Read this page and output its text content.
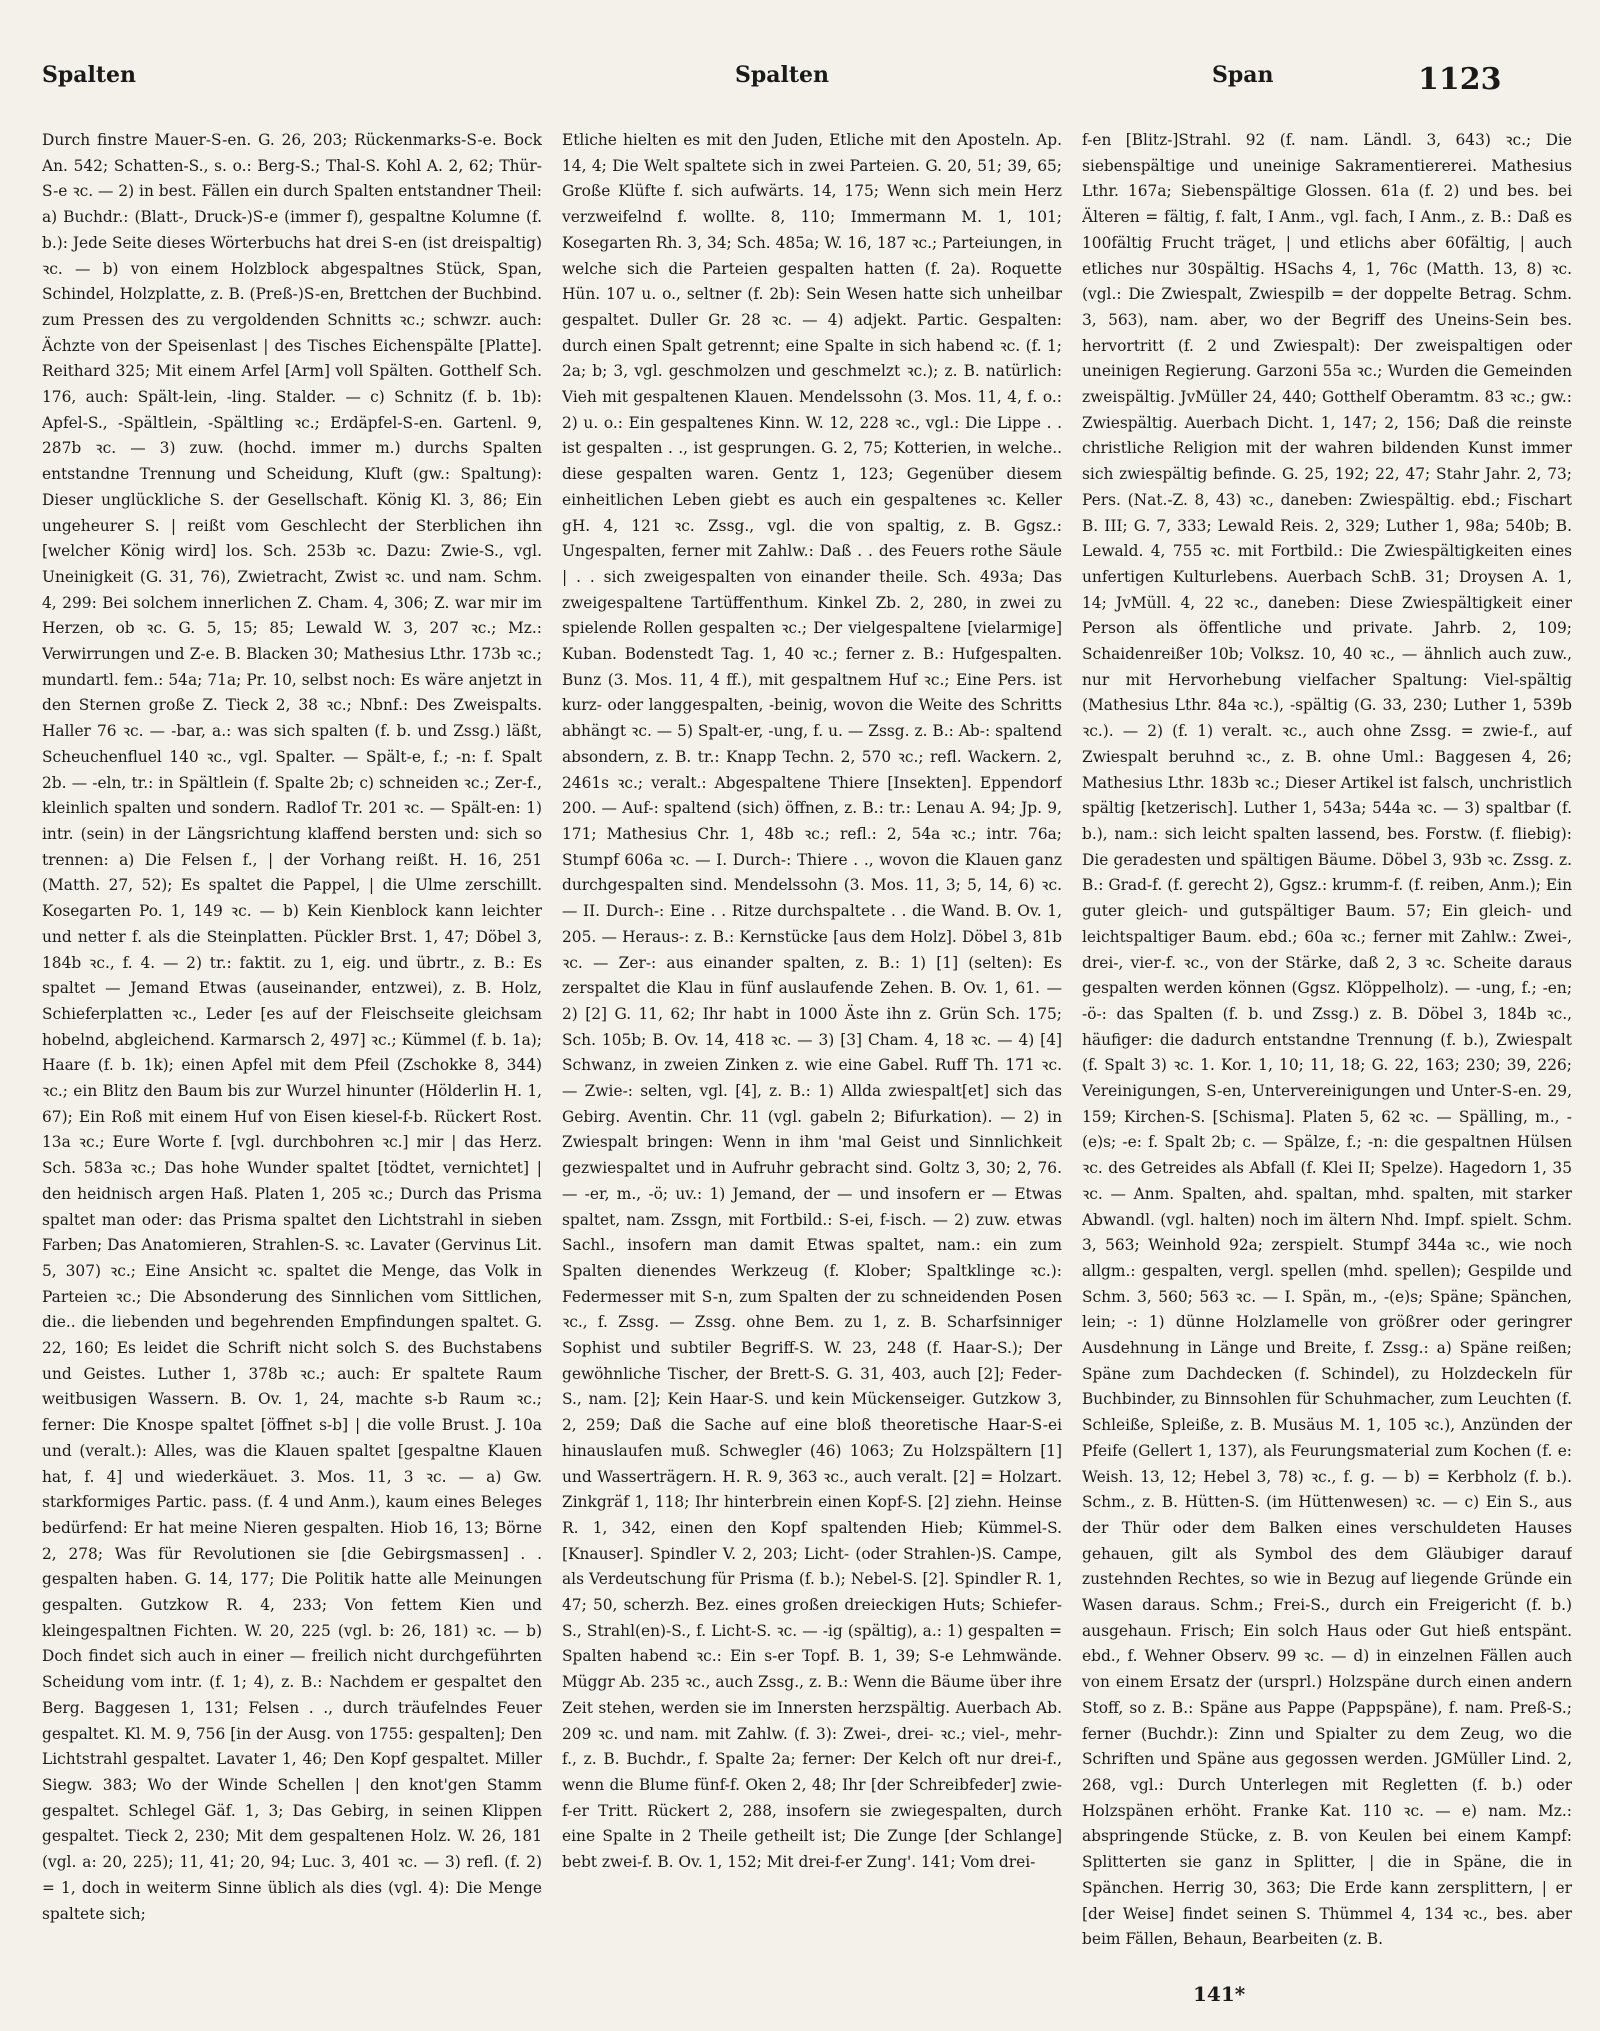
Spalten	Spalten	Span	1123

Durch finstre Mauer-S-en. G. 26, 203; Rückenmarks-S-e. Bock An. 542; Schatten-S., s. o.: Berg-S.; Thal-S. Kohl A. 2, 62; Thür-S-e ꝛc. — 2) in best. Fällen ein durch Spalten entstandner Theil: a) Buchdr.: (Blatt-, Druck-)S-e (immer f), gespaltne Kolumne (f. b.): Jede Seite dieses Wörterbuchs hat drei S-en (ist dreispaltig) ꝛc. — b) von einem Holzblock abgespaltnes Stück, Span, Schindel, Holzplatte, z. B. (Preß-)S-en, Brettchen der Buchbind. zum Pressen des zu vergoldenden Schnitts ꝛc.; schwzr. auch: Ächzte von der Speisenlast | des Tisches Eichenspälte [Platte]. Reithard 325; Mit einem Arfel [Arm] voll Spälten. Gotthelf Sch. 176, auch: Spält-lein, -ling. Stalder. — c) Schnitz (f. b. 1b): Apfel-S., -Spältlein, -Spältling ꝛc.; Erdäpfel-S-en. Gartenl. 9, 287b ꝛc. — 3) zuw. (hochd. immer m.) durchs Spalten entstandne Trennung und Scheidung, Kluft (gw.: Spaltung): Dieser unglückliche S. der Gesellschaft. König Kl. 3, 86; Ein ungeheurer S. | reißt vom Geschlecht der Sterblichen ihn [welcher König wird] los. Sch. 253b ꝛc. Dazu: Zwie-S., vgl. Uneinigkeit (G. 31, 76), Zwietracht, Zwist ꝛc. und nam. Schm. 4, 299: Bei solchem innerlichen Z. Cham. 4, 306; Z. war mir im Herzen, ob ꝛc. G. 5, 15; 85; Lewald W. 3, 207 ꝛc.; Mz.: Verwirrungen und Z-e. B. Blacken 30; Mathesius Lthr. 173b ꝛc.; mundartl. fem.: 54a; 71a; Pr. 10, selbst noch: Es wäre anjetzt in den Sternen große Z. Tieck 2, 38 ꝛc.; Nbnf.: Des Zweispalts. Haller 76 ꝛc. — -bar, a.: was sich spalten (f. b. und Zssg.) läßt, Scheuchenfluel 140 ꝛc., vgl. Spalter. — Spält-e, f.; -n: f. Spalt 2b. — -eln, tr.: in Spältlein (f. Spalte 2b; c) schneiden ꝛc.; Zer-f., kleinlich spalten und sondern. Radlof Tr. 201 ꝛc. — Spält-en: 1) intr. (sein) in der Längsrichtung klaffend bersten und: sich so trennen: a) Die Felsen f., | der Vorhang reißt. H. 16, 251 (Matth. 27, 52); Es spaltet die Pappel, | die Ulme zerschillt. Kosegarten Po. 1, 149 ꝛc. — b) Kein Kienblock kann leichter und netter f. als die Steinplatten. Pückler Brst. 1, 47; Döbel 3, 184b ꝛc., f. 4. — 2) tr.: faktit. zu 1, eig. und übrtr., z. B.: Es spaltet — Jemand Etwas (auseinander, entzwei), z. B. Holz, Schieferplatten ꝛc., Leder [es auf der Fleischseite gleichsam hobelnd, abgleichend. Karmarsch 2, 497] ꝛc.; Kümmel (f. b. 1a); Haare (f. b. 1k); einen Apfel mit dem Pfeil (Zschokke 8, 344) ꝛc.; ein Blitz den Baum bis zur Wurzel hinunter (Hölderlin H. 1, 67); Ein Roß mit einem Huf von Eisen kiesel-f-b. Rückert Rost. 13a ꝛc.; Eure Worte f. [vgl. durchbohren ꝛc.] mir | das Herz. Sch. 583a ꝛc.; Das hohe Wunder spaltet [tödtet, vernichtet] | den heidnisch argen Haß. Platen 1, 205 ꝛc.; Durch das Prisma spaltet man oder: das Prisma spaltet den Lichtstrahl in sieben Farben; Das Anatomieren, Strahlen-S. ꝛc. Lavater (Gervinus Lit. 5, 307) ꝛc.; Eine Ansicht ꝛc. spaltet die Menge, das Volk in Parteien ꝛc.; Die Absonderung des Sinnlichen vom Sittlichen, die.. die liebenden und begehrenden Empfindungen spaltet. G. 22, 160; Es leidet die Schrift nicht solch S. des Buchstabens und Geistes. Luther 1, 378b ꝛc.; auch: Er spaltete Raum weitbusigen Wassern. B. Ov. 1, 24, machte s-b Raum ꝛc.; ferner: Die Knospe spaltet [öffnet s-b] | die volle Brust. J. 10a und (veralt.): Alles, was die Klauen spaltet [gespaltne Klauen hat, f. 4] und wiederkäuet. 3. Mos. 11, 3 ꝛc. — a) Gw. starkformiges Partic. pass. (f. 4 und Anm.), kaum eines Beleges bedürfend: Er hat meine Nieren gespalten. Hiob 16, 13; Börne 2, 278; Was für Revolutionen sie [die Gebirgsmassen] . . gespalten haben. G. 14, 177; Die Politik hatte alle Meinungen gespalten. Gutzkow R. 4, 233; Von fettem Kien und kleingespaltnen Fichten. W. 20, 225 (vgl. b: 26, 181) ꝛc. — b) Doch findet sich auch in einer — freilich nicht durchgeführten Scheidung vom intr. (f. 1; 4), z. B.: Nachdem er gespaltet den Berg. Baggesen 1, 131; Felsen . ., durch träufelndes Feuer gespaltet. Kl. M. 9, 756 [in der Ausg. von 1755: gespalten]; Den Lichtstrahl gespaltet. Lavater 1, 46; Den Kopf gespaltet. Miller Siegw. 383; Wo der Winde Schellen | den knot'gen Stamm gespaltet. Schlegel Gäf. 1, 3; Das Gebirg, in seinen Klippen gespaltet. Tieck 2, 230; Mit dem gespaltenen Holz. W. 26, 181 (vgl. a: 20, 225); 11, 41; 20, 94; Luc. 3, 401 ꝛc. — 3) refl. (f. 2) = 1, doch in weiterm Sinne üblich als dies (vgl. 4): Die Menge spaltete sich;

Etliche hielten es mit den Juden, Etliche mit den Aposteln. Ap. 14, 4; Die Welt spaltete sich in zwei Parteien. G. 20, 51; 39, 65; Große Klüfte f. sich aufwärts. 14, 175; Wenn sich mein Herz verzweifelnd f. wollte. 8, 110; Immermann M. 1, 101; Kosegarten Rh. 3, 34; Sch. 485a; W. 16, 187 ꝛc.; Parteiungen, in welche sich die Parteien gespalten hatten (f. 2a). Roquette Hün. 107 u. o., seltner (f. 2b): Sein Wesen hatte sich unheilbar gespaltet. Duller Gr. 28 ꝛc. — 4) adjekt. Partic. Gespalten: durch einen Spalt getrennt; eine Spalte in sich habend ꝛc. (f. 1; 2a; b; 3, vgl. geschmolzen und geschmelzt ꝛc.); z. B. natürlich: Vieh mit gespaltenen Klauen. Mendelssohn (3. Mos. 11, 4, f. o.: 2) u. o.: Ein gespaltenes Kinn. W. 12, 228 ꝛc., vgl.: Die Lippe . . ist gespalten . ., ist gesprungen. G. 2, 75; Kotterien, in welche.. diese gespalten waren. Gentz 1, 123; Gegenüber diesem einheitlichen Leben giebt es auch ein gespaltenes ꝛc. Keller gH. 4, 121 ꝛc. Zssg., vgl. die von spaltig, z. B. Ggsz.: Ungespalten, ferner mit Zahlw.: Daß . . des Feuers rothe Säule | . . sich zweigespalten von einander theile. Sch. 493a; Das zweigespaltene Tartüffenthum. Kinkel Zb. 2, 280, in zwei zu spielende Rollen gespalten ꝛc.; Der vielgespaltene [vielarmige] Kuban. Bodenstedt Tag. 1, 40 ꝛc.; ferner z. B.: Hufgespalten. Bunz (3. Mos. 11, 4 ff.), mit gespaltnem Huf ꝛc.; Eine Pers. ist kurz- oder langgespalten, -beinig, wovon die Weite des Schritts abhängt ꝛc. — 5) Spalt-er, -ung, f. u. — Zssg. z. B.: Ab-: spaltend absondern, z. B. tr.: Knapp Techn. 2, 570 ꝛc.; refl. Wackern. 2, 2461s ꝛc.; veralt.: Abgespaltene Thiere [Insekten]. Eppendorf 200. — Auf-: spaltend (sich) öffnen, z. B.: tr.: Lenau A. 94; Jp. 9, 171; Mathesius Chr. 1, 48b ꝛc.; refl.: 2, 54a ꝛc.; intr. 76a; Stumpf 606a ꝛc. — I. Durch-: Thiere . ., wovon die Klauen ganz durchgespalten sind. Mendelssohn (3. Mos. 11, 3; 5, 14, 6) ꝛc. — II. Durch-: Eine . . Ritze durchspaltete . . die Wand. B. Ov. 1, 205. — Heraus-: z. B.: Kernstücke [aus dem Holz]. Döbel 3, 81b ꝛc. — Zer-: aus einander spalten, z. B.: 1) [1] (selten): Es zerspaltet die Klau in fünf auslaufende Zehen. B. Ov. 1, 61. — 2) [2] G. 11, 62; Ihr habt in 1000 Äste ihn z. Grün Sch. 175; Sch. 105b; B. Ov. 14, 418 ꝛc. — 3) [3] Cham. 4, 18 ꝛc. — 4) [4] Schwanz, in zweien Zinken z. wie eine Gabel. Ruff Th. 171 ꝛc. — Zwie-: selten, vgl. [4], z. B.: 1) Allda zwiespalt[et] sich das Gebirg. Aventin. Chr. 11 (vgl. gabeln 2; Bifurkation). — 2) in Zwiespalt bringen: Wenn in ihm 'mal Geist und Sinnlichkeit gezwiespaltet und in Aufruhr gebracht sind. Goltz 3, 30; 2, 76. — -er, m., -ö; uv.: 1) Jemand, der — und insofern er — Etwas spaltet, nam. Zssgn, mit Fortbild.: S-ei, f-isch. — 2) zuw. etwas Sachl., insofern man damit Etwas spaltet, nam.: ein zum Spalten dienendes Werkzeug (f. Klober; Spaltklinge ꝛc.): Federmesser mit S-n, zum Spalten der zu schneidenden Posen ꝛc., f. Zssg. — Zssg. ohne Bem. zu 1, z. B. Scharfsinniger Sophist und subtiler Begriff-S. W. 23, 248 (f. Haar-S.); Der gewöhnliche Tischer, der Brett-S. G. 31, 403, auch [2]; Feder-S., nam. [2]; Kein Haar-S. und kein Mückenseiger. Gutzkow 3, 2, 259; Daß die Sache auf eine bloß theoretische Haar-S-ei hinauslaufen muß. Schwegler (46) 1063; Zu Holzspältern [1] und Wasserträgern. H. R. 9, 363 ꝛc., auch veralt. [2] = Holzart. Zinkgräf 1, 118; Ihr hinterbrein einen Kopf-S. [2] ziehn. Heinse R. 1, 342, einen den Kopf spaltenden Hieb; Kümmel-S. [Knauser]. Spindler V. 2, 203; Licht- (oder Strahlen-)S. Campe, als Verdeutschung für Prisma (f. b.); Nebel-S. [2]. Spindler R. 1, 47; 50, scherzh. Bez. eines großen dreieckigen Huts; Schiefer-S., Strahl(en)-S., f. Licht-S. ꝛc. — -ig (spältig), a.: 1) gespalten = Spalten habend ꝛc.: Ein s-er Topf. B. 1, 39; S-e Lehmwände. Müggr Ab. 235 ꝛc., auch Zssg., z. B.: Wenn die Bäume über ihre Zeit stehen, werden sie im Innersten herzspältig. Auerbach Ab. 209 ꝛc. und nam. mit Zahlw. (f. 3): Zwei-, drei- ꝛc.; viel-, mehr-f., z. B. Buchdr., f. Spalte 2a; ferner: Der Kelch oft nur drei-f., wenn die Blume fünf-f. Oken 2, 48; Ihr [der Schreibfeder] zwie-f-er Tritt. Rückert 2, 288, insofern sie zwiegespalten, durch eine Spalte in 2 Theile getheilt ist; Die Zunge [der Schlange] bebt zwei-f. B. Ov. 1, 152; Mit drei-f-er Zung'. 141; Vom drei-

f-en [Blitz-]Strahl. 92 (f. nam. Ländl. 3, 643) ꝛc.; Die siebenspältige und uneinige Sakramentiererei. Mathesius Lthr. 167a; Siebenspältige Glossen. 61a (f. 2) und bes. bei Älteren = fältig, f. falt, I Anm., vgl. fach, I Anm., z. B.: Daß es 100fältig Frucht träget, | und etlichs aber 60fältig, | auch etliches nur 30spältig. HSachs 4, 1, 76c (Matth. 13, 8) ꝛc. (vgl.: Die Zwiespalt, Zwiespilb = der doppelte Betrag. Schm. 3, 563), nam. aber, wo der Begriff des Uneins-Sein bes. hervortritt (f. 2 und Zwiespalt): Der zweispaltigen oder uneinigen Regierung. Garzoni 55a ꝛc.; Wurden die Gemeinden zweispältig. JvMüller 24, 440; Gotthelf Oberamtm. 83 ꝛc.; gw.: Zwiespältig. Auerbach Dicht. 1, 147; 2, 156; Daß die reinste christliche Religion mit der wahren bildenden Kunst immer sich zwiespältig befinde. G. 25, 192; 22, 47; Stahr Jahr. 2, 73; Pers. (Nat.-Z. 8, 43) ꝛc., daneben: Zwiespältig. ebd.; Fischart B. III; G. 7, 333; Lewald Reis. 2, 329; Luther 1, 98a; 540b; B. Lewald. 4, 755 ꝛc. mit Fortbild.: Die Zwiespältigkeiten eines unfertigen Kulturlebens. Auerbach SchB. 31; Droysen A. 1, 14; JvMüll. 4, 22 ꝛc., daneben: Diese Zwiespältigkeit einer Person als öffentliche und private. Jahrb. 2, 109; Schaidenreißer 10b; Volksz. 10, 40 ꝛc., — ähnlich auch zuw., nur mit Hervorhebung vielfacher Spaltung: Viel-spältig (Mathesius Lthr. 84a ꝛc.), -spältig (G. 33, 230; Luther 1, 539b ꝛc.). — 2) (f. 1) veralt. ꝛc., auch ohne Zssg. = zwie-f., auf Zwiespalt beruhnd ꝛc., z. B. ohne Uml.: Baggesen 4, 26; Mathesius Lthr. 183b ꝛc.; Dieser Artikel ist falsch, unchristlich spältig [ketzerisch]. Luther 1, 543a; 544a ꝛc. — 3) spaltbar (f. b.), nam.: sich leicht spalten lassend, bes. Forstw. (f. fliebig): Die geradesten und spältigen Bäume. Döbel 3, 93b ꝛc. Zssg. z. B.: Grad-f. (f. gerecht 2), Ggsz.: krumm-f. (f. reiben, Anm.); Ein guter gleich- und gutspältiger Baum. 57; Ein gleich- und leichtspaltiger Baum. ebd.; 60a ꝛc.; ferner mit Zahlw.: Zwei-, drei-, vier-f. ꝛc., von der Stärke, daß 2, 3 ꝛc. Scheite daraus gespalten werden können (Ggsz. Klöppelholz). — -ung, f.; -en; -ö-: das Spalten (f. b. und Zssg.) z. B. Döbel 3, 184b ꝛc., häufiger: die dadurch entstandne Trennung (f. b.), Zwiespalt (f. Spalt 3) ꝛc. 1. Kor. 1, 10; 11, 18; G. 22, 163; 230; 39, 226; Vereinigungen, S-en, Untervereinigungen und Unter-S-en. 29, 159; Kirchen-S. [Schisma]. Platen 5, 62 ꝛc. — Spälling, m., -(e)s; -e: f. Spalt 2b; c. — Spälze, f.; -n: die gespaltnen Hülsen ꝛc. des Getreides als Abfall (f. Klei II; Spelze). Hagedorn 1, 35 ꝛc. — Anm. Spalten, ahd. spaltan, mhd. spalten, mit starker Abwandl. (vgl. halten) noch im ältern Nhd. Impf. spielt. Schm. 3, 563; Weinhold 92a; zerspielt. Stumpf 344a ꝛc., wie noch allgm.: gespalten, vergl. spellen (mhd. spellen); Gespilde und Schm. 3, 560; 563 ꝛc. — I. Spän, m., -(e)s; Späne; Spänchen, lein; -: 1) dünne Holzlamelle von größrer oder geringrer Ausdehnung in Länge und Breite, f. Zssg.: a) Späne reißen; Späne zum Dachdecken (f. Schindel), zu Holzdeckeln für Buchbinder, zu Binnsohlen für Schuhmacher, zum Leuchten (f. Schleiße, Spleiße, z. B. Musäus M. 1, 105 ꝛc.), Anzünden der Pfeife (Gellert 1, 137), als Feurungsmaterial zum Kochen (f. e: Weish. 13, 12; Hebel 3, 78) ꝛc., f. g. — b) = Kerbholz (f. b.). Schm., z. B. Hütten-S. (im Hüttenwesen) ꝛc. — c) Ein S., aus der Thür oder dem Balken eines verschuldeten Hauses gehauen, gilt als Symbol des dem Gläubiger darauf zustehnden Rechtes, so wie in Bezug auf liegende Gründe ein Wasen daraus. Schm.; Frei-S., durch ein Freigericht (f. b.) ausgehaun. Frisch; Ein solch Haus oder Gut hieß entspänt. ebd., f. Wehner Observ. 99 ꝛc. — d) in einzelnen Fällen auch von einem Ersatz der (ursprl.) Holzspäne durch einen andern Stoff, so z. B.: Späne aus Pappe (Pappspäne), f. nam. Preß-S.; ferner (Buchdr.): Zinn und Spialter zu dem Zeug, wo die Schriften und Späne aus gegossen werden. JGMüller Lind. 2, 268, vgl.: Durch Unterlegen mit Regletten (f. b.) oder Holzspänen erhöht. Franke Kat. 110 ꝛc. — e) nam. Mz.: abspringende Stücke, z. B. von Keulen bei einem Kampf: Splitterten sie ganz in Splitter, | die in Späne, die in Spänchen. Herrig 30, 363; Die Erde kann zersplittern, | er [der Weise] findet seinen S. Thümmel 4, 134 ꝛc., bes. aber beim Fällen, Behaun, Bearbeiten (z. B.

141*
